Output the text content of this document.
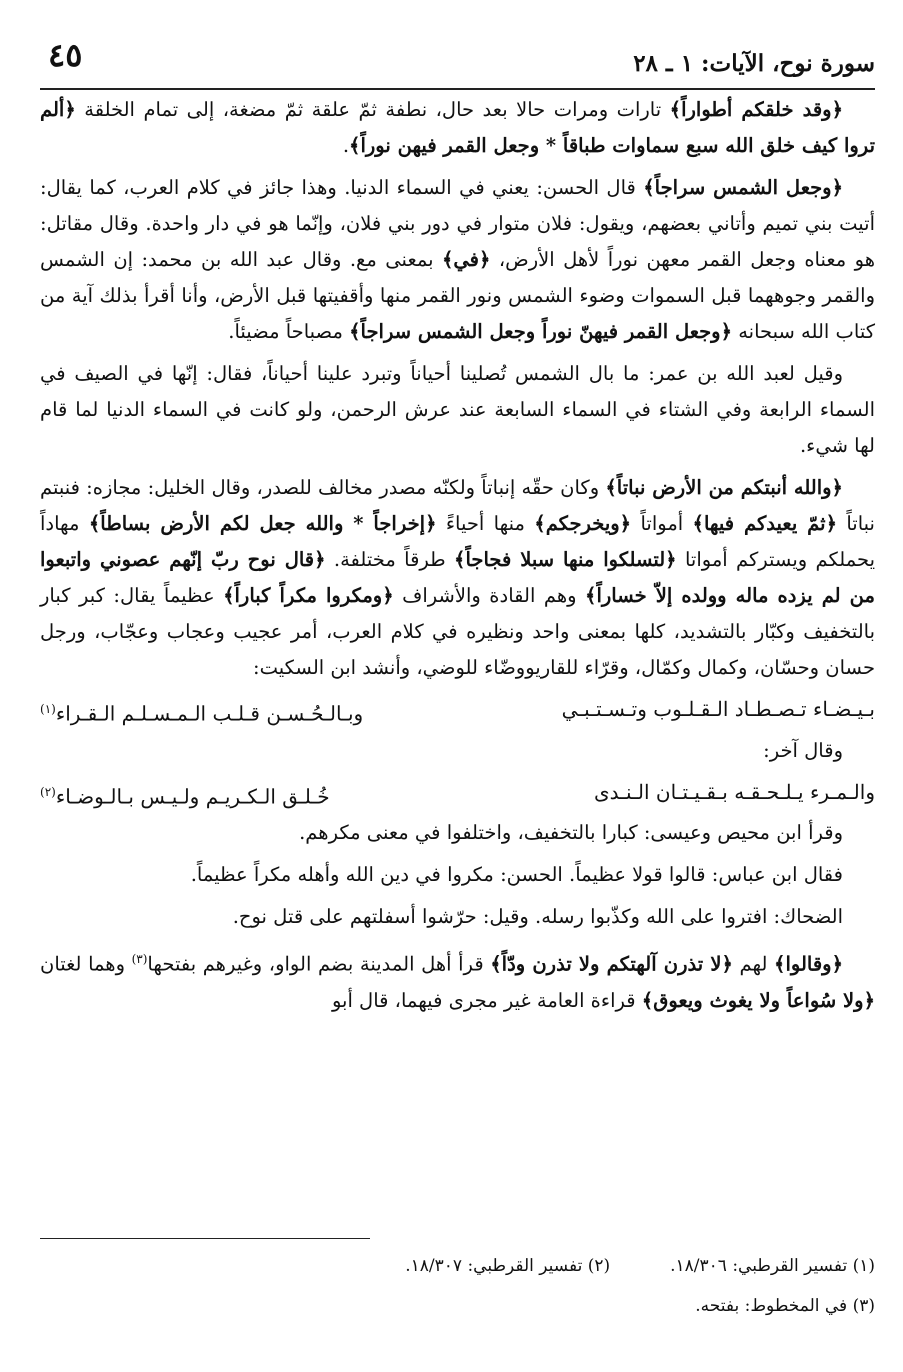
سورة نوح، الآيات: ١ ـ ٢٨
٤٥

﴿وقد خلقكم أطواراً﴾ تارات ومرات حالا بعد حال، نطفة ثمّ علقة ثمّ مضغة، إلى تمام الخلقة ﴿ألم تروا كيف خلق الله سبع سماوات طباقاً * وجعل القمر فيهن نوراً﴾.

﴿وجعل الشمس سراجاً﴾ قال الحسن: يعني في السماء الدنيا. وهذا جائز في كلام العرب، كما يقال: أتيت بني تميم وأتاني بعضهم، ويقول: فلان متوار في دور بني فلان، وإنّما هو في دار واحدة. وقال مقاتل: هو معناه وجعل القمر معهن نوراً لأهل الأرض، ﴿في﴾ بمعنى مع. وقال عبد الله بن محمد: إن الشمس والقمر وجوههما قبل السموات وضوء الشمس ونور القمر منها وأقفيتها قبل الأرض، وأنا أقرأ بذلك آية من كتاب الله سبحانه ﴿وجعل القمر فيهنّ نوراً وجعل الشمس سراجاً﴾ مصباحاً مضيئاً.

وقيل لعبد الله بن عمر: ما بال الشمس تُصلينا أحياناً وتبرد علينا أحياناً، فقال: إنّها في الصيف في السماء الرابعة وفي الشتاء في السماء السابعة عند عرش الرحمن، ولو كانت في السماء الدنيا لما قام لها شيء.

﴿والله أنبتكم من الأرض نباتاً﴾ وكان حقّه إنباتاً ولكنّه مصدر مخالف للصدر، وقال الخليل: مجازه: فنبتم نباتاً ﴿ثمّ يعيدكم فيها﴾ أمواتاً ﴿ويخرجكم﴾ منها أحياءً ﴿إخراجاً * والله جعل لكم الأرض بساطاً﴾ مهاداً يحملكم ويستركم أمواتا ﴿لتسلكوا منها سبلا فجاجاً﴾ طرقاً مختلفة. ﴿قال نوح ربّ إنّهم عصوني واتبعوا من لم يزده ماله وولده إلاّ خساراً﴾ وهم القادة والأشراف ﴿ومكروا مكراً كباراً﴾ عظيماً يقال: كبر كبار بالتخفيف وكبّار بالتشديد، كلها بمعنى واحد ونظيره في كلام العرب، أمر عجيب وعجاب وعجّاب، ورجل حسان وحسّان، وكمال وكمّال، وقرّاء للقاريووضّاء للوضي، وأنشد ابن السكيت:

بـيـضـاء تـصـطـاد الـقـلـوب وتـسـتـبـي
وبـالـحُـسـن قـلـب الـمـسـلـم الـقـراء$^{(١)}$

وقال آخر:

والـمـرء يـلـحـقـه بـقـيـتـان الـنـدى
خُـلـق الـكـريـم ولـيـس بـالـوضـاء$^{(٢)}$

وقرأ ابن محيص وعيسى: كبارا بالتخفيف، واختلفوا في معنى مكرهم.

فقال ابن عباس: قالوا قولا عظيماً. الحسن: مكروا في دين الله وأهله مكراً عظيماً.

الضحاك: افتروا على الله وكذّبوا رسله. وقيل: حرّشوا أسفلتهم على قتل نوح.

﴿وقالوا﴾ لهم ﴿لا تذرن آلهتكم ولا تذرن ودّاً﴾ قرأ أهل المدينة بضم الواو، وغيرهم بفتحها$^{(٣)}$ وهما لغتان ﴿ولا سُواعاً ولا يغوث ويعوق﴾ قراءة العامة غير مجرى فيهما، قال أبو

(١) تفسير القرطبي: ١٨/٣٠٦.
(٢) تفسير القرطبي: ١٨/٣٠٧.
(٣) في المخطوط: بفتحه.
